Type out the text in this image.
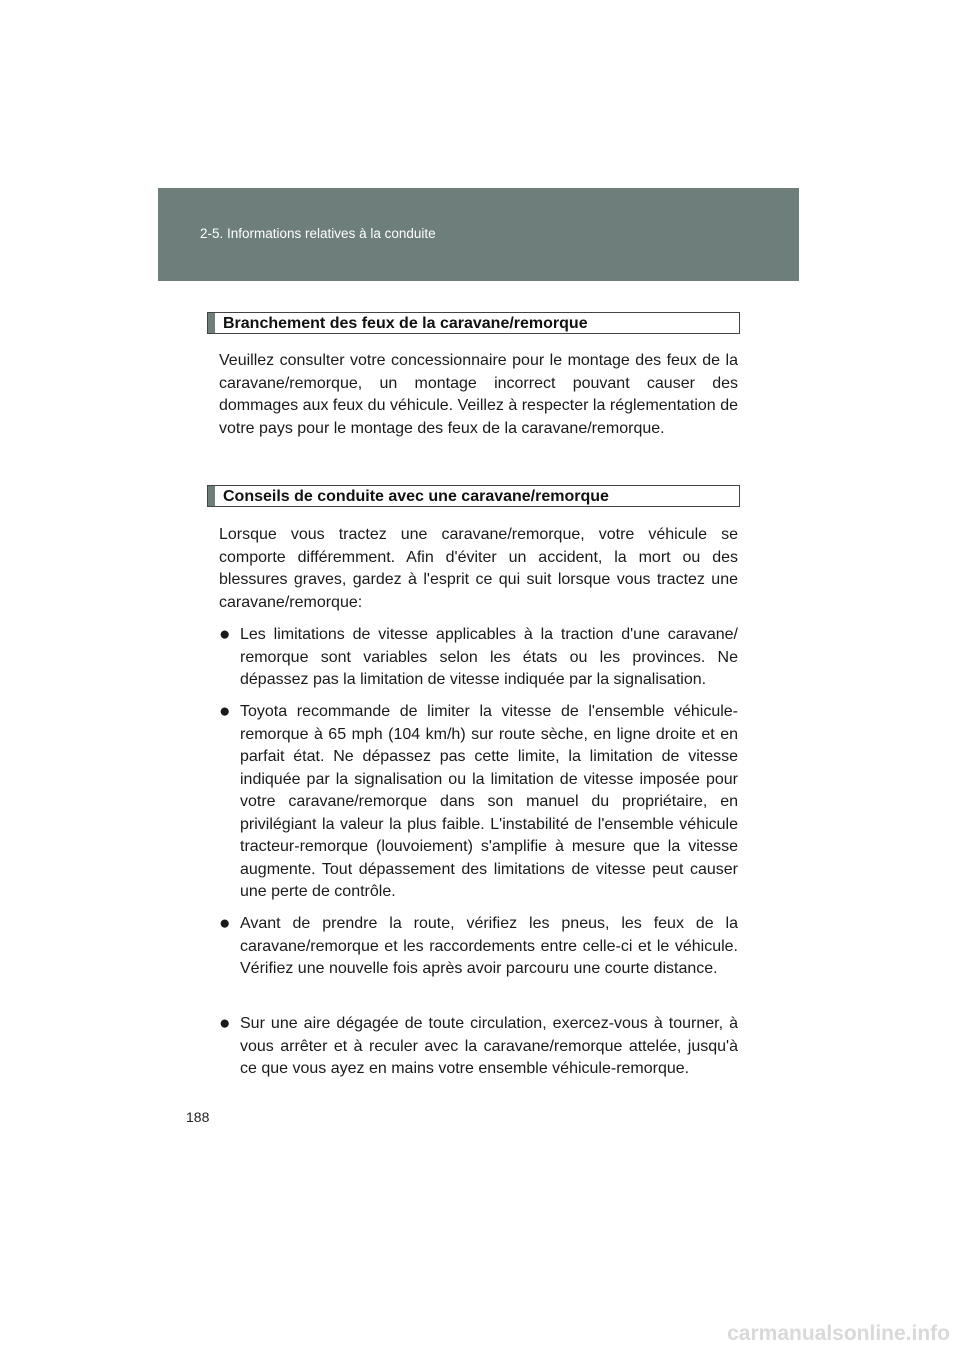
2-5. Informations relatives à la conduite
Branchement des feux de la caravane/remorque

Veuillez consulter votre concessionnaire pour le montage des feux de la caravane/remorque, un montage incorrect pouvant causer des dommages aux feux du véhicule. Veillez à respecter la réglementation de votre pays pour le montage des feux de la caravane/remorque.

Conseils de conduite avec une caravane/remorque

Lorsque vous tractez une caravane/remorque, votre véhicule se comporte différemment. Afin d'éviter un accident, la mort ou des blessures graves, gardez à l'esprit ce qui suit lorsque vous tractez une caravane/remorque:

● Les limitations de vitesse applicables à la traction d'une caravane/ remorque sont variables selon les états ou les provinces. Ne dépassez pas la limitation de vitesse indiquée par la signalisation.

● Toyota recommande de limiter la vitesse de l'ensemble véhicule-remorque à 65 mph (104 km/h) sur route sèche, en ligne droite et en parfait état. Ne dépassez pas cette limite, la limitation de vitesse indiquée par la signalisation ou la limitation de vitesse imposée pour votre caravane/remorque dans son manuel du propriétaire, en privilégiant la valeur la plus faible. L'instabilité de l'ensemble véhicule tracteur-remorque (louvoiement) s'amplifie à mesure que la vitesse augmente. Tout dépassement des limitations de vitesse peut causer une perte de contrôle.

● Avant de prendre la route, vérifiez les pneus, les feux de la caravane/remorque et les raccordements entre celle-ci et le véhicule. Vérifiez une nouvelle fois après avoir parcouru une courte distance.

● Sur une aire dégagée de toute circulation, exercez-vous à tourner, à vous arrêter et à reculer avec la caravane/remorque attelée, jusqu'à ce que vous ayez en mains votre ensemble véhicule-remorque.

188
carmanualsonline.info
